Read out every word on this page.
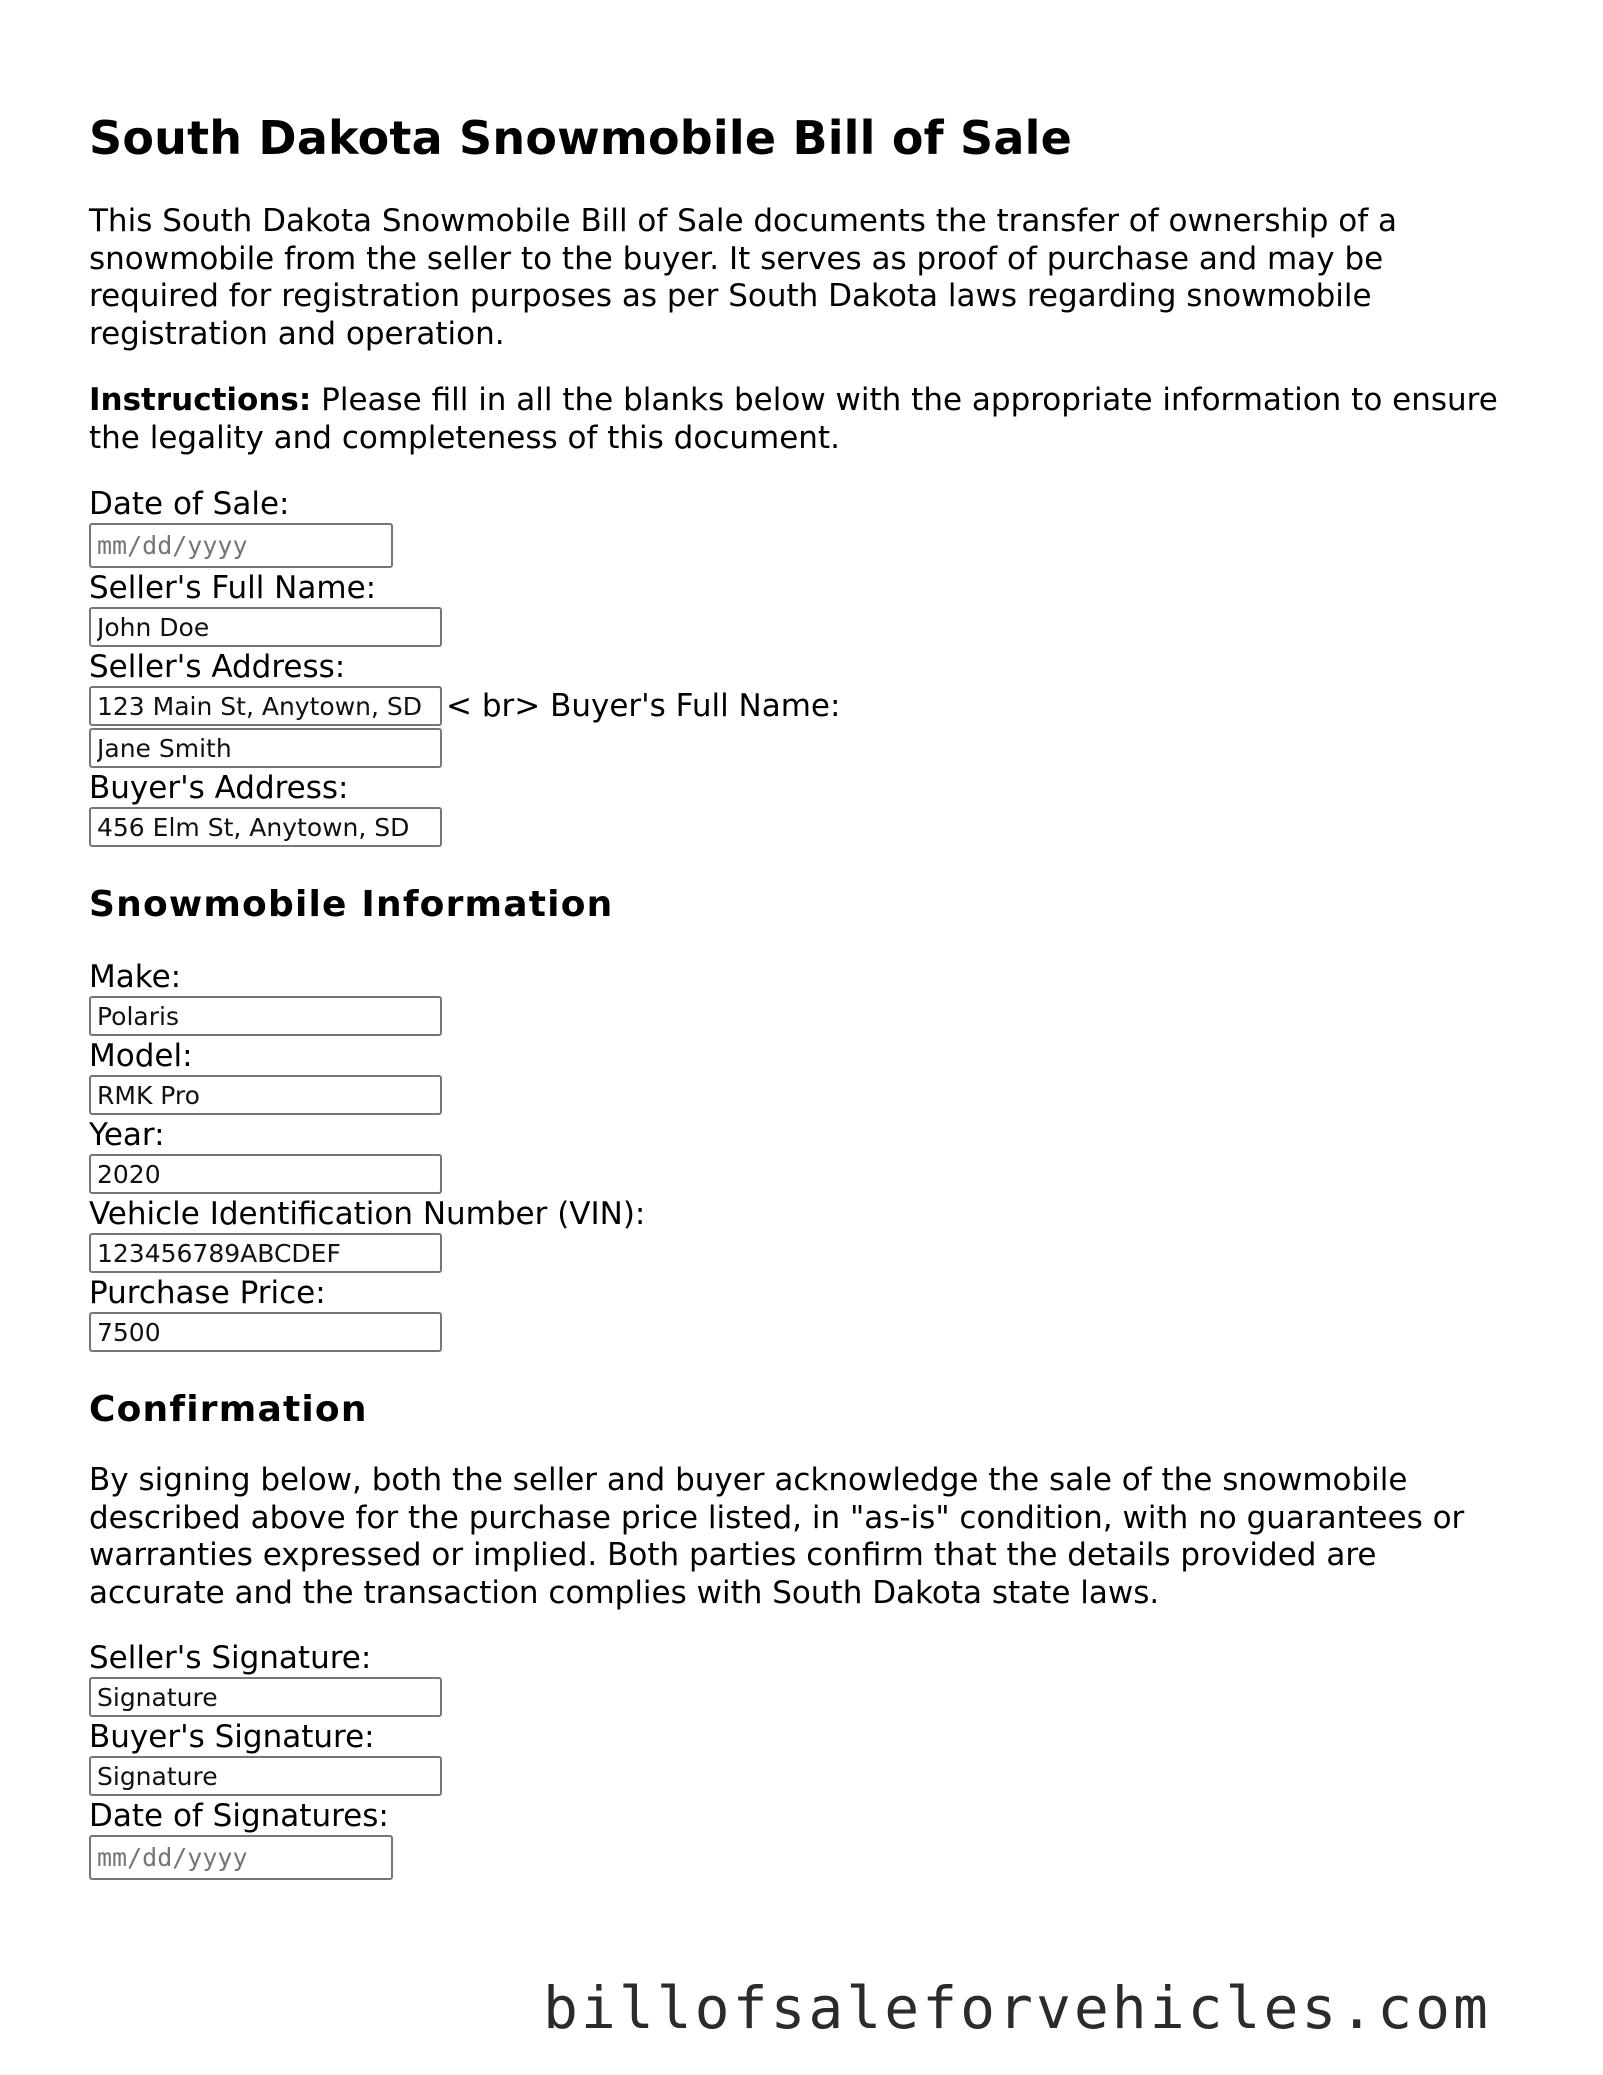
South Dakota Snowmobile Bill of Sale

This South Dakota Snowmobile Bill of Sale documents the transfer of ownership of a snowmobile from the seller to the buyer. It serves as proof of purchase and may be required for registration purposes as per South Dakota laws regarding snowmobile registration and operation.

Instructions: Please fill in all the blanks below with the appropriate information to ensure the legality and completeness of this document.

Date of Sale:
mm/dd/yyyy
Seller's Full Name:
John Doe
Seller's Address:
123 Main St, Anytown, SD
< br> Buyer's Full Name:
Jane Smith
Buyer's Address:
456 Elm St, Anytown, SD
Snowmobile Information
Make:
Polaris
Model:
RMK Pro
Year:
2020
Vehicle Identification Number (VIN):
123456789ABCDEF
Purchase Price:
7500
Confirmation

By signing below, both the seller and buyer acknowledge the sale of the snowmobile described above for the purchase price listed, in "as-is" condition, with no guarantees or warranties expressed or implied. Both parties confirm that the details provided are accurate and the transaction complies with South Dakota state laws.

Seller's Signature:
Signature
Buyer's Signature:
Signature
Date of Signatures:
mm/dd/yyyy
billofsaleforvehicles.com
